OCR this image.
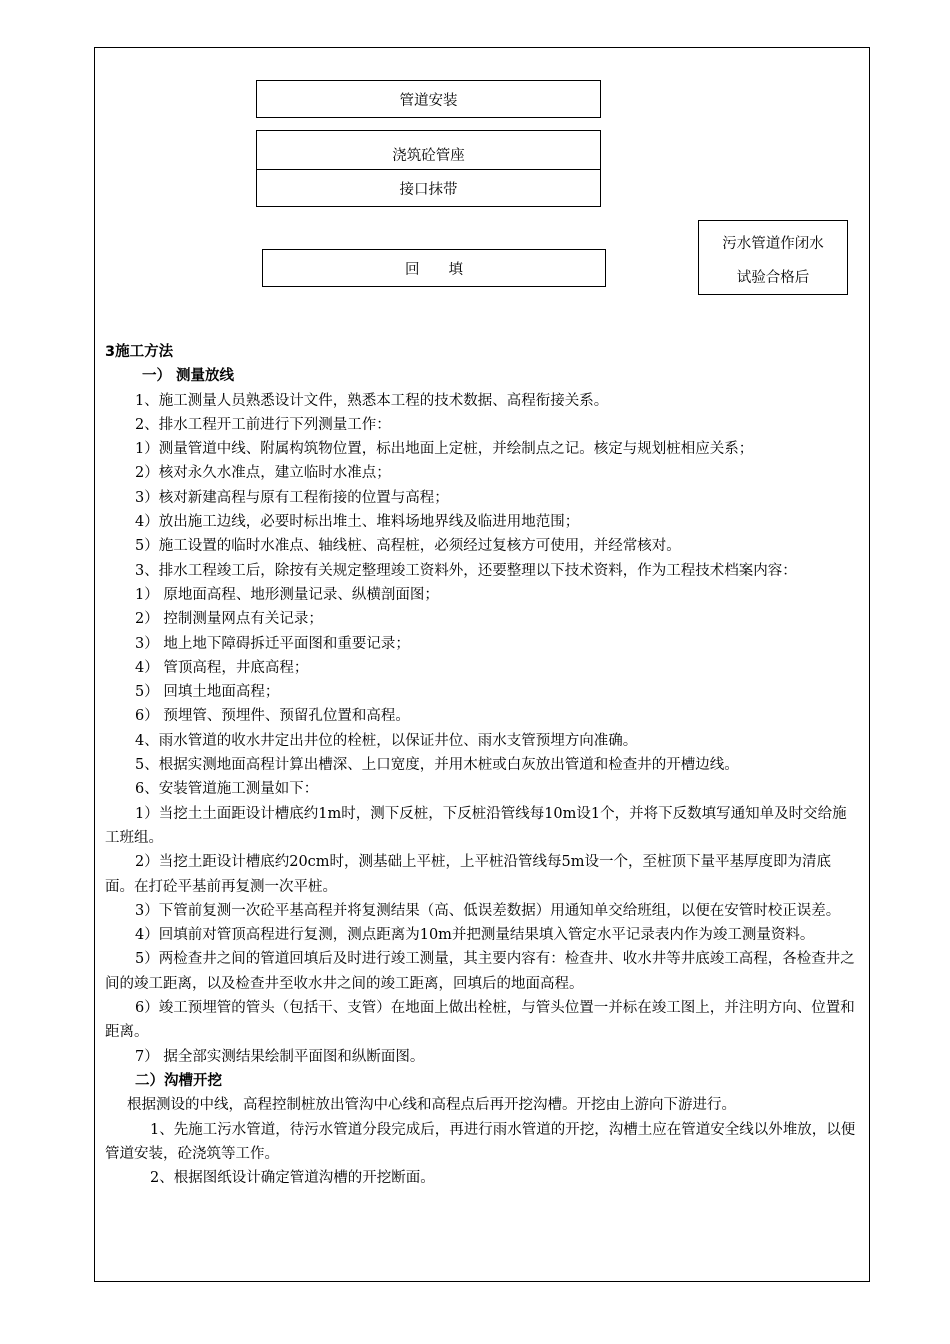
管道安装
浇筑砼管座
接口抹带
回　　填
污水管道作闭水
试验合格后

3施工方法

一） 测量放线

1、施工测量人员熟悉设计文件，熟悉本工程的技术数据、高程衔接关系。

2、排水工程开工前进行下列测量工作：

1）测量管道中线、附属构筑物位置，标出地面上定桩，并绘制点之记。核定与规划桩相应关系；

2）核对永久水准点，建立临时水准点；

3）核对新建高程与原有工程衔接的位置与高程；

4）放出施工边线，必要时标出堆土、堆料场地界线及临进用地范围；

5）施工设置的临时水准点、轴线桩、高程桩，必须经过复核方可使用，并经常核对。

3、排水工程竣工后，除按有关规定整理竣工资料外，还要整理以下技术资料，作为工程技术档案内容：

1） 原地面高程、地形测量记录、纵横剖面图；

2） 控制测量网点有关记录；

3） 地上地下障碍拆迁平面图和重要记录；

4） 管顶高程，井底高程；

5） 回填土地面高程；

6） 预埋管、预埋件、预留孔位置和高程。

4、雨水管道的收水井定出井位的栓桩，以保证井位、雨水支管预埋方向准确。

5、根据实测地面高程计算出槽深、上口宽度，并用木桩或白灰放出管道和检查井的开槽边线。

6、安装管道施工测量如下：

1）当挖土土面距设计槽底约1m时，测下反桩，下反桩沿管线每10m设1个，并将下反数填写通知单及时交给施工班组。

2）当挖土距设计槽底约20cm时，测基础上平桩，上平桩沿管线每5m设一个，至桩顶下量平基厚度即为清底面。在打砼平基前再复测一次平桩。

3）下管前复测一次砼平基高程并将复测结果（高、低误差数据）用通知单交给班组，以便在安管时校正误差。

4）回填前对管顶高程进行复测，测点距离为10m并把测量结果填入管定水平记录表内作为竣工测量资料。

5）两检查井之间的管道回填后及时进行竣工测量，其主要内容有：检查井、收水井等井底竣工高程，各检查井之间的竣工距离，以及检查井至收水井之间的竣工距离，回填后的地面高程。

6）竣工预埋管的管头（包括干、支管）在地面上做出栓桩，与管头位置一并标在竣工图上，并注明方向、位置和距离。

7） 据全部实测结果绘制平面图和纵断面图。

二）沟槽开挖

根据测设的中线，高程控制桩放出管沟中心线和高程点后再开挖沟槽。开挖由上游向下游进行。

1、先施工污水管道，待污水管道分段完成后，再进行雨水管道的开挖，沟槽土应在管道安全线以外堆放，以便管道安装，砼浇筑等工作。

2、根据图纸设计确定管道沟槽的开挖断面。
